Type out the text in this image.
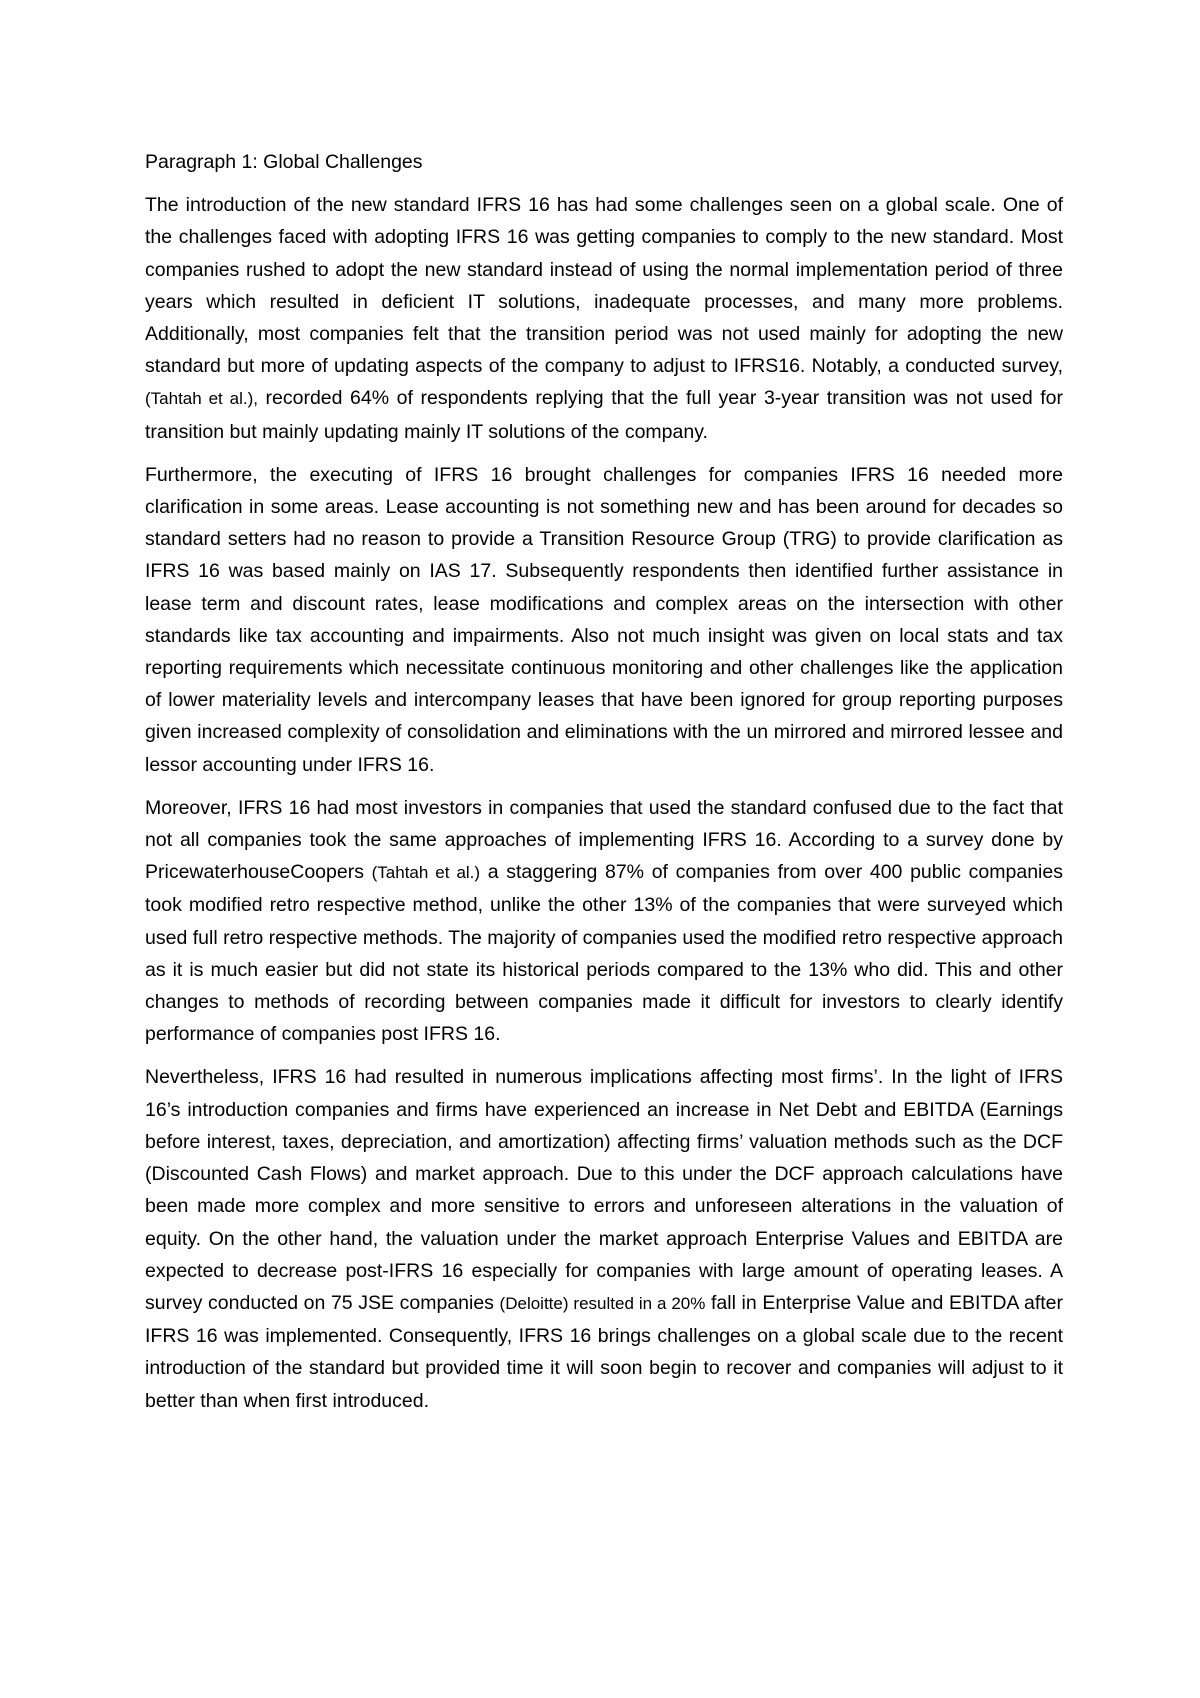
Paragraph 1: Global Challenges

The introduction of the new standard IFRS 16 has had some challenges seen on a global scale. One of the challenges faced with adopting IFRS 16 was getting companies to comply to the new standard. Most companies rushed to adopt the new standard instead of using the normal implementation period of three years which resulted in deficient IT solutions, inadequate processes, and many more problems. Additionally, most companies felt that the transition period was not used mainly for adopting the new standard but more of updating aspects of the company to adjust to IFRS16. Notably, a conducted survey, (Tahtah et al.), recorded 64% of respondents replying that the full year 3-year transition was not used for transition but mainly updating mainly IT solutions of the company.

Furthermore, the executing of IFRS 16 brought challenges for companies IFRS 16 needed more clarification in some areas. Lease accounting is not something new and has been around for decades so standard setters had no reason to provide a Transition Resource Group (TRG) to provide clarification as IFRS 16 was based mainly on IAS 17. Subsequently respondents then identified further assistance in lease term and discount rates, lease modifications and complex areas on the intersection with other standards like tax accounting and impairments. Also not much insight was given on local stats and tax reporting requirements which necessitate continuous monitoring and other challenges like the application of lower materiality levels and intercompany leases that have been ignored for group reporting purposes given increased complexity of consolidation and eliminations with the un mirrored and mirrored lessee and lessor accounting under IFRS 16.

Moreover, IFRS 16 had most investors in companies that used the standard confused due to the fact that not all companies took the same approaches of implementing IFRS 16. According to a survey done by PricewaterhouseCoopers (Tahtah et al.) a staggering 87% of companies from over 400 public companies took modified retro respective method, unlike the other 13% of the companies that were surveyed which used full retro respective methods. The majority of companies used the modified retro respective approach as it is much easier but did not state its historical periods compared to the 13% who did. This and other changes to methods of recording between companies made it difficult for investors to clearly identify performance of companies post IFRS 16.

Nevertheless, IFRS 16 had resulted in numerous implications affecting most firms’. In the light of IFRS 16’s introduction companies and firms have experienced an increase in Net Debt and EBITDA (Earnings before interest, taxes, depreciation, and amortization) affecting firms’ valuation methods such as the DCF (Discounted Cash Flows) and market approach. Due to this under the DCF approach calculations have been made more complex and more sensitive to errors and unforeseen alterations in the valuation of equity. On the other hand, the valuation under the market approach Enterprise Values and EBITDA are expected to decrease post-IFRS 16 especially for companies with large amount of operating leases. A survey conducted on 75 JSE companies (Deloitte) resulted in a 20% fall in Enterprise Value and EBITDA after IFRS 16 was implemented. Consequently, IFRS 16 brings challenges on a global scale due to the recent introduction of the standard but provided time it will soon begin to recover and companies will adjust to it better than when first introduced.
